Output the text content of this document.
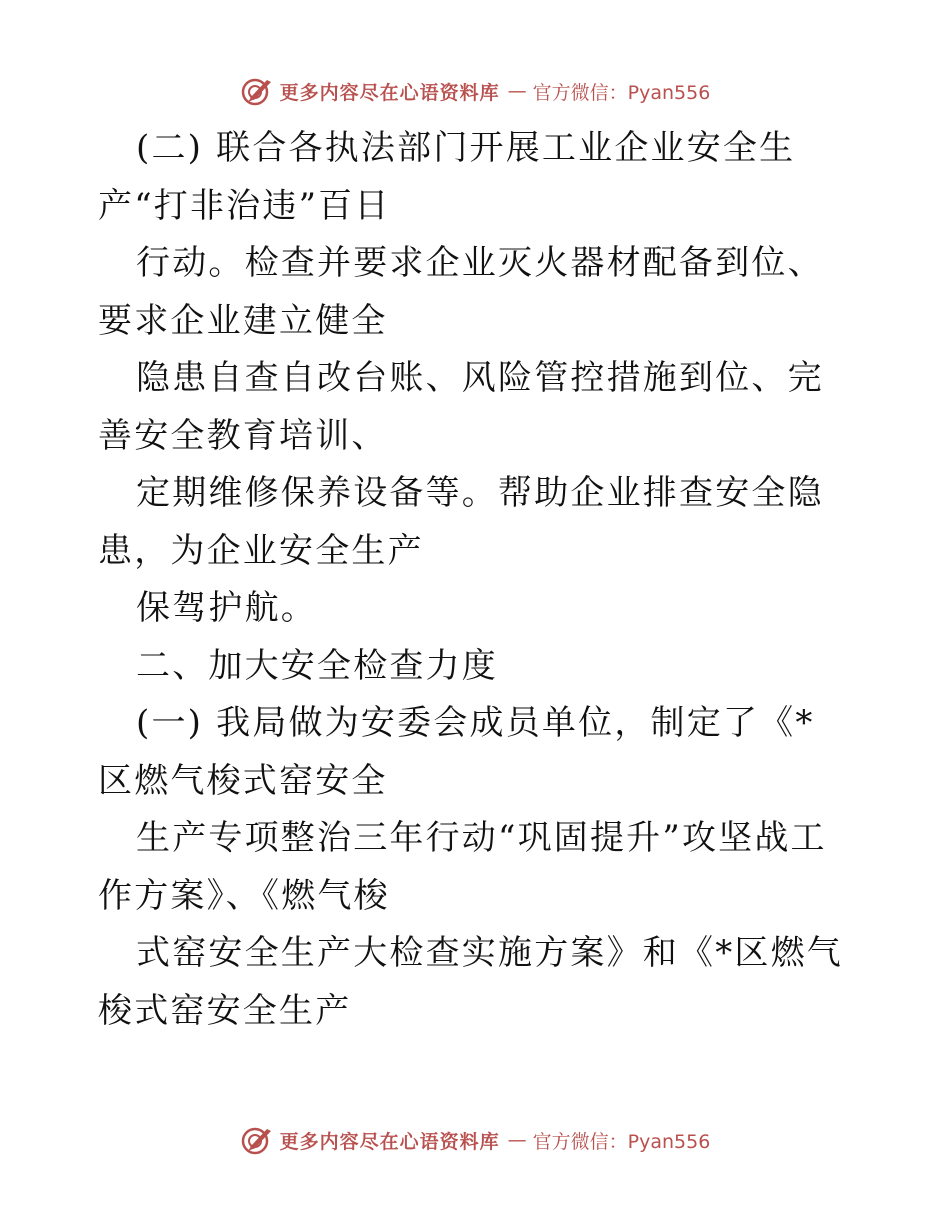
更多内容尽在心语资料库 — 官方微信：Pyan556

(二) 联合各执法部门开展工业企业安全生产“打非治违”百日

行动。检查并要求企业灭火器材配备到位、要求企业建立健全

隐患自查自改台账、风险管控措施到位、完善安全教育培训、

定期维修保养设备等。帮助企业排查安全隐患，为企业安全生产

保驾护航。

二、加大安全检查力度

(一) 我局做为安委会成员单位，制定了《*区燃气梭式窑安全

生产专项整治三年行动“巩固提升”攻坚战工作方案》、《燃气梭

式窑安全生产大检查实施方案》和《*区燃气梭式窑安全生产

更多内容尽在心语资料库 — 官方微信：Pyan556
